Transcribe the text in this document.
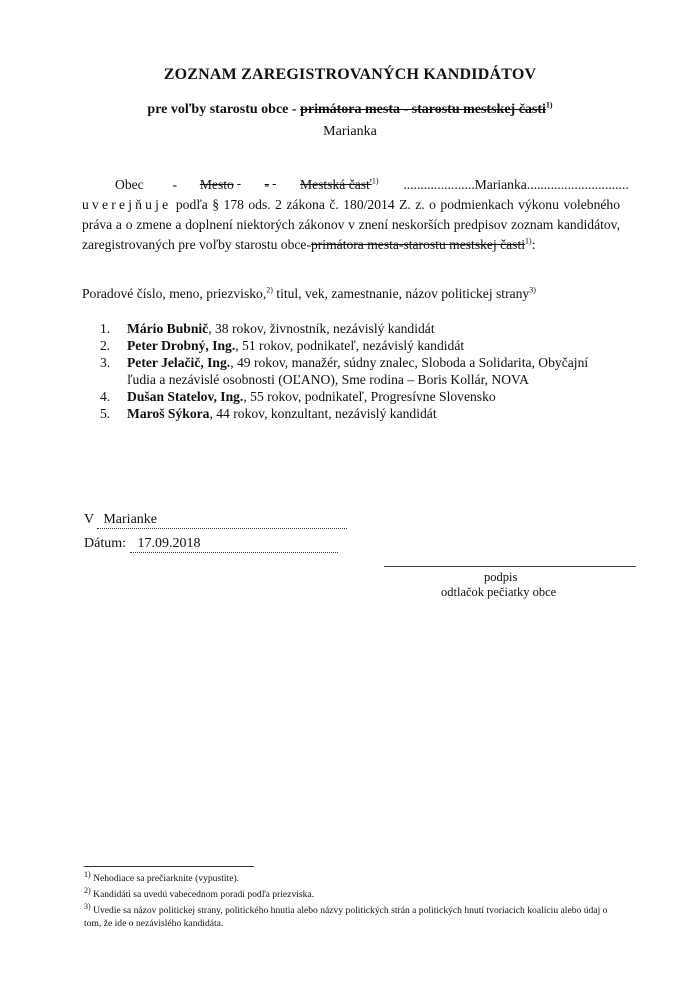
ZOZNAM ZAREGISTROVANÝCH KANDIDÁTOV
pre voľby starostu obce - primátora mesta - starostu mestskej časti$^{1)}$
Marianka
Obec - Mesto - Mestská časť$^{1)}$ .....................Marianka..............................
uverejňuje podľa § 178 ods. 2 zákona č. 180/2014 Z. z. o podmienkach výkonu volebného práva a o zmene a doplnení niektorých zákonov v znení neskorších predpisov zoznam kandidátov, zaregistrovaných pre voľby starostu obce-primátora mesta-starostu mestskej časti$^{1)}$:
Poradové číslo, meno, priezvisko,$^{2)}$ titul, vek, zamestnanie, názov politickej strany$^{3)}$
1. Mário Bubnič, 38 rokov, živnostník, nezávislý kandidát
2. Peter Drobný, Ing., 51 rokov, podnikateľ, nezávislý kandidát
3. Peter Jelačič, Ing., 49 rokov, manažér, súdny znalec, Sloboda a Solidarita, Obyčajní ľudia a nezávislé osobnosti (OĽANO), Sme rodina – Boris Kollár, NOVA
4. Dušan Statelov, Ing., 55 rokov, podnikateľ, Progresívne Slovensko
5. Maroš Sýkora, 44 rokov, konzultant, nezávislý kandidát
V Marianke
Dátum: 17.09.2018
podpis
odtlačok pečiatky obce
$^{1)}$ Nehodiace sa prečiarknite (vypustite).
$^{2)}$ Kandidáti sa uvedú vabecednom poradí podľa priezviska.
$^{3)}$ Uvedie sa názov politickej strany, politického hnutia alebo názvy politických strán a politických hnutí tvoriacich koalíciu alebo údaj o tom, že ide o nezávislého kandidáta.
